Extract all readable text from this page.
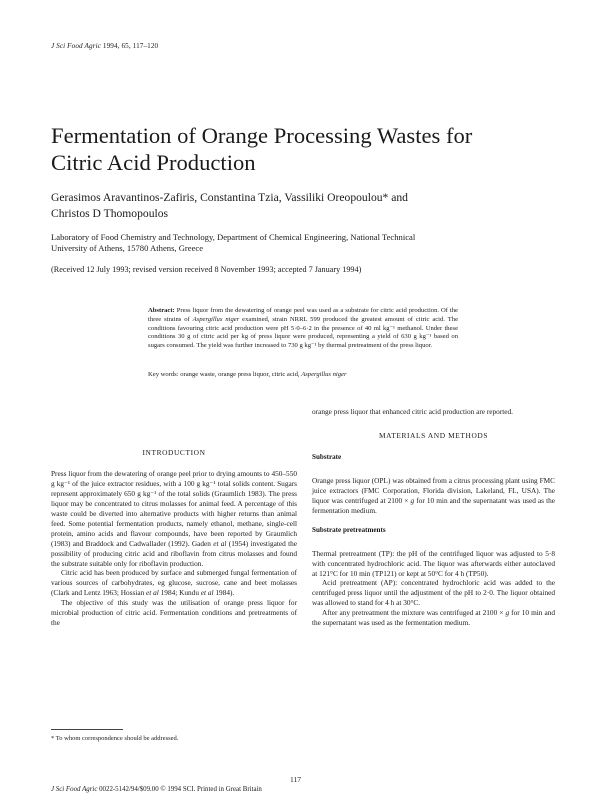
J Sci Food Agric 1994, 65, 117–120
Fermentation of Orange Processing Wastes for
Citric Acid Production
Gerasimos Aravantinos-Zafiris, Constantina Tzia, Vassiliki Oreopoulou* and
Christos D Thomopoulos
Laboratory of Food Chemistry and Technology, Department of Chemical Engineering, National Technical
University of Athens, 15780 Athens, Greece
(Received 12 July 1993; revised version received 8 November 1993; accepted 7 January 1994)
Abstract: Press liquor from the dewatering of orange peel was used as a substrate for citric acid production. Of the three strains of Aspergillus niger examined, strain NRRL 599 produced the greatest amount of citric acid. The conditions favouring citric acid production were pH 5·0–6·2 in the presence of 40 ml kg⁻¹ methanol. Under these conditions 30 g of citric acid per kg of press liquor were produced, representing a yield of 630 g kg⁻¹ based on sugars consumed. The yield was further increased to 730 g kg⁻¹ by thermal pretreatment of the press liquor.
Key words: orange waste, orange press liquor, citric acid, Aspergillus niger

INTRODUCTION

Press liquor from the dewatering of orange peel prior to drying amounts to 450–550 g kg⁻¹ of the juice extractor residues, with a 100 g kg⁻¹ total solids content. Sugars represent approximately 650 g kg⁻¹ of the total solids (Graumlich 1983). The press liquor may be concentrated to citrus molasses for animal feed. A percentage of this waste could be diverted into alternative products with higher returns than animal feed. Some potential fermentation products, namely ethanol, methane, single-cell protein, amino acids and flavour compounds, have been reported by Graumlich (1983) and Braddock and Cadwallader (1992). Gaden et al (1954) investigated the possibility of producing citric acid and riboflavin from citrus molasses and found the substrate suitable only for riboflavin production.

Citric acid has been produced by surface and submerged fungal fermentation of various sources of carbohydrates, eg glucose, sucrose, cane and beet molasses (Clark and Lentz 1963; Hossian et al 1984; Kundu et al 1984).

The objective of this study was the utilisation of orange press liquor for microbial production of citric acid. Fermentation conditions and pretreatments of the

orange press liquor that enhanced citric acid production are reported.

MATERIALS AND METHODS

Substrate

Orange press liquor (OPL) was obtained from a citrus processing plant using FMC juice extractors (FMC Corporation, Florida division, Lakeland, FL, USA). The liquor was centrifuged at 2100 × g for 10 min and the supernatant was used as the fermentation medium.

Substrate pretreatments

Thermal pretreatment (TP): the pH of the centrifuged liquor was adjusted to 5·8 with concentrated hydrochloric acid. The liquor was afterwards either autoclaved at 121°C for 10 min (TP121) or kept at 50°C for 4 h (TP50).

Acid pretreatment (AP): concentrated hydrochloric acid was added to the centrifuged press liquor until the adjustment of the pH to 2·0. The liquor obtained was allowed to stand for 4 h at 30°C.

After any pretreatment the mixture was centrifuged at 2100 × g for 10 min and the supernatant was used as the fermentation medium.

* To whom correspondence should be addressed.
117
J Sci Food Agric 0022-5142/94/$09.00 © 1994 SCI. Printed in Great Britain
